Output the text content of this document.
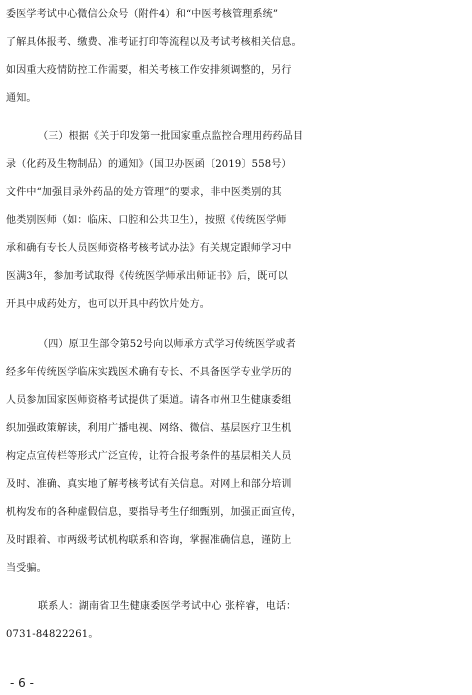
委医学考试中心微信公众号（附件4）和“中医考核管理系统”
了解具体报考、缴费、准考证打印等流程以及考试考核相关信息。
如因重大疫情防控工作需要，相关考核工作安排须调整的，另行
通知。
（三）根据《关于印发第一批国家重点监控合理用药药品目
录（化药及生物制品）的通知》（国卫办医函〔2019〕558号）
文件中“加强目录外药品的处方管理”的要求，非中医类别的其
他类别医师（如：临床、口腔和公共卫生），按照《传统医学师
承和确有专长人员医师资格考核考试办法》有关规定跟师学习中
医满3年，参加考试取得《传统医学师承出师证书》后，既可以
开具中成药处方，也可以开具中药饮片处方。
（四）原卫生部令第52号向以师承方式学习传统医学或者
经多年传统医学临床实践医术确有专长、不具备医学专业学历的
人员参加国家医师资格考试提供了渠道。请各市州卫生健康委组
织加强政策解读，利用广播电视、网络、微信、基层医疗卫生机
构定点宣传栏等形式广泛宣传，让符合报考条件的基层相关人员
及时、准确、真实地了解考核考试有关信息。对网上和部分培训
机构发布的各种虚假信息，要指导考生仔细甄别，加强正面宣传，
及时跟着、市两级考试机构联系和咨询，掌握准确信息，谨防上
当受骗。
联系人：湖南省卫生健康委医学考试中心 张梓睿，电话：
0731-84822261。
- 6 -
